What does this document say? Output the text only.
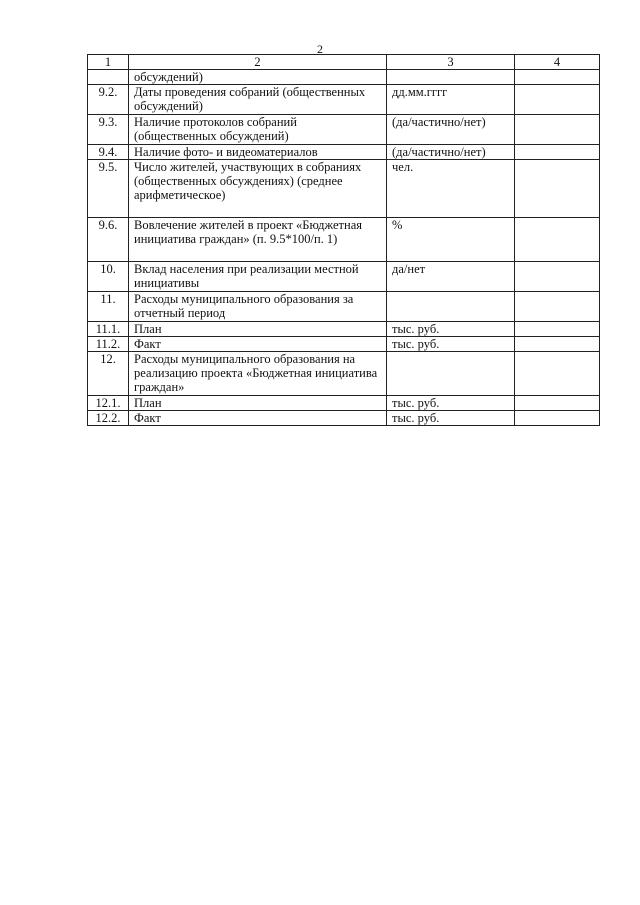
2
1	2	3	4
	обсуждений)		
9.2.	Даты проведения собраний (общественных обсуждений)	дд.мм.гггг	
9.3.	Наличие протоколов собраний (общественных обсуждений)	(да/частично/нет)	
9.4.	Наличие фото- и видеоматериалов	(да/частично/нет)	
9.5.	Число жителей, участвующих в собраниях (общественных обсуждениях) (среднее арифметическое)	чел.	
9.6.	Вовлечение жителей в проект «Бюджетная инициатива граждан» (п. 9.5*100/п. 1)	%	
10.	Вклад населения при реализации местной инициативы	да/нет	
11.	Расходы муниципального образования за отчетный период		
11.1.	План	тыс. руб.	
11.2.	Факт	тыс. руб.	
12.	Расходы муниципального образования на реализацию проекта «Бюджетная инициатива граждан»		
12.1.	План	тыс. руб.	
12.2.	Факт	тыс. руб.	
